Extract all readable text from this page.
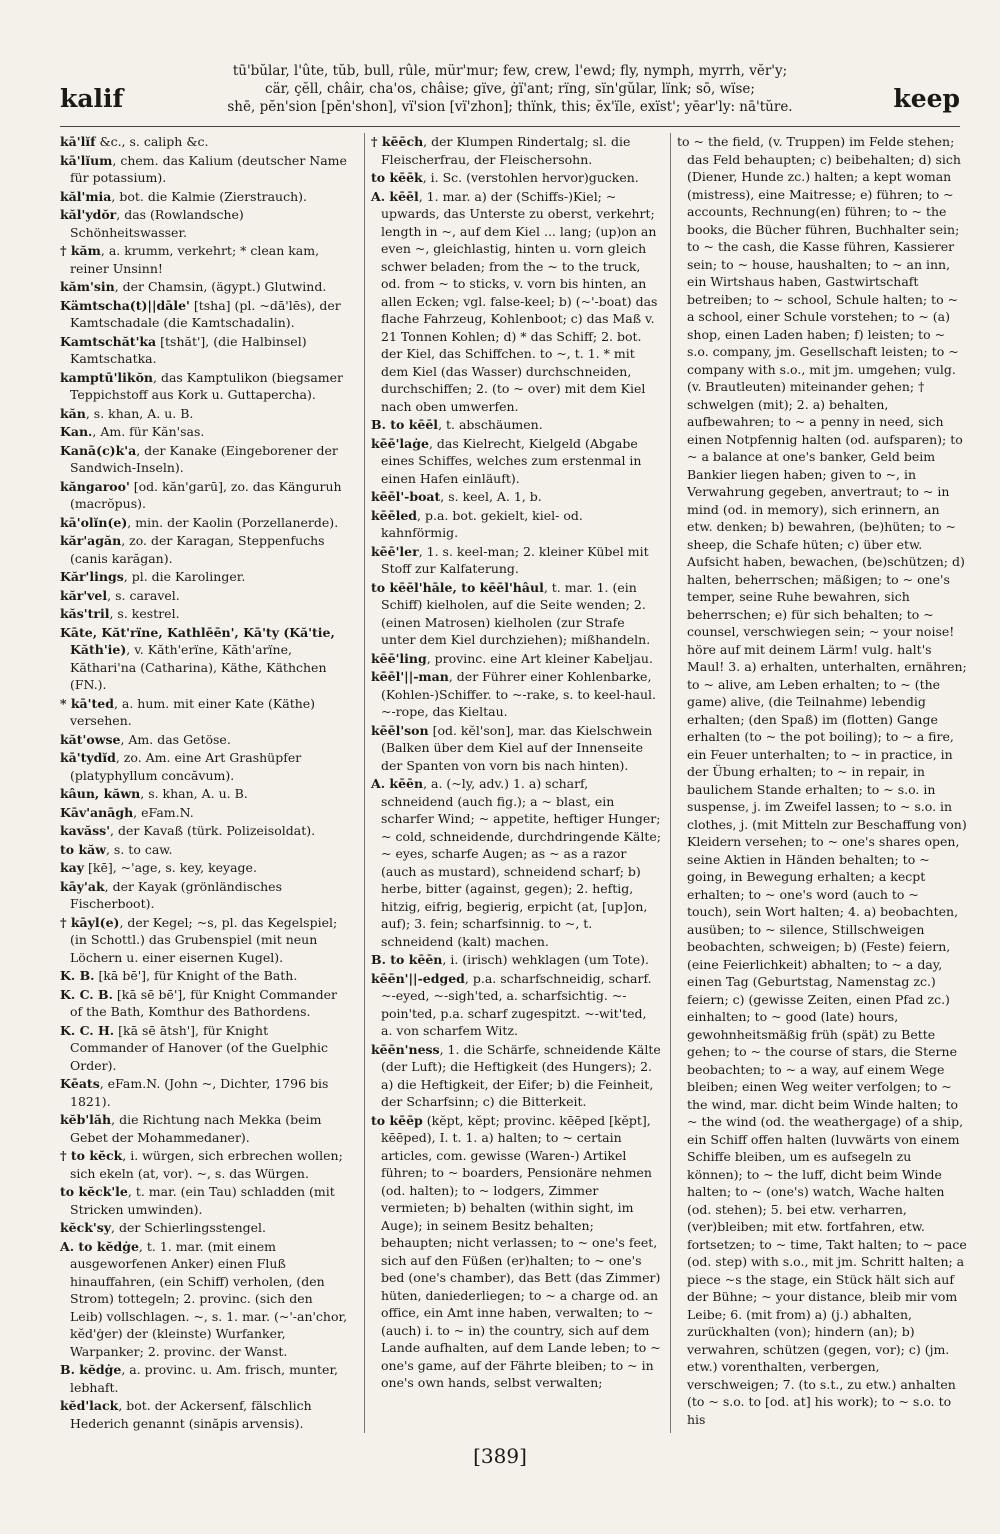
kalif
tū'bŭlar, l'ûte, tŭb, bull, rûle, mür'mur; few, crew, l'ewd; fly, nymph, myrrh, vĕr'y;
cär, çĕll, châir, cha'os, châise; gïve, ġï'ant; rïng, sïn'gŭlar, lïnk; sō, wïse;
shē, pĕn'sion [pĕn'shon], vï'sion [vï'zhon]; thïnk, this; ĕx'ïle, exïst'; yēar'ly: nā'tŭre.	keep
kā'lĭf &c., s. caliph &c.
kā'lĭum, chem. das Kalium (deutscher Name für potassium).
kăl'mia, bot. die Kalmie (Zierstrauch).
kăl'ydŏr, das (Rowlandsche) Schönheitswasser.
† kăm, a. krumm, verkehrt; * clean kam, reiner Unsinn!
kăm'sin, der Chamsin, (ägypt.) Glutwind.
Kämtscha(t)||dāle' [tsha] (pl. ~dā'lēs), der Kamtschadale (die Kamtschadalin).
Kamtschăt'ka [tshăt'], (die Halbinsel) Kamtschatka.
kamptū'likŏn, das Kamptulikon (biegsamer Teppichstoff aus Kork u. Guttapercha).
kăn, s. khan, A. u. B.
Kan., Am. für Kăn'sas.
Kanā(c)k'a, der Kanake (Eingeborener der Sandwich-Inseln).
kăngaroo' [od. kăn'garū], zo. das Känguruh (macrŏpus).
kā'olĭn(e), min. der Kaolin (Porzellanerde).
kăr'agăn, zo. der Karagan, Steppenfuchs (canis karăgan).
Kăr'lings, pl. die Karolinger.
kăr'vel, s. caravel.
kăs'tril, s. kestrel.
Kāte, Kăt'rïne, Kathlēēn', Kā'ty (Kă'tie, Kăth'ie), v. Kăth'erïne, Kăth'arïne, Kăthari'na (Catharina), Käthe, Käthchen (FN.).
* kā'ted, a. hum. mit einer Kate (Käthe) versehen.
kăt'owse, Am. das Getöse.
kā'tydĭd, zo. Am. eine Art Grashüpfer (platyphyllum concăvum).
kâun, kăwn, s. khan, A. u. B.
Kāv'anāgh, eFam.N.
kavăss', der Kavaß (türk. Polizeisoldat).
to kăw, s. to caw.
kay [kē], ~'age, s. key, keyage.
kāy'ak, der Kayak (grönländisches Fischerboot).
† kāyl(e), der Kegel; ~s, pl. das Kegelspiel; (in Schottl.) das Grubenspiel (mit neun Löchern u. einer eisernen Kugel).
K. B. [kā bē'], für Knight of the Bath.
K. C. B. [kā sē bē'], für Knight Commander of the Bath, Komthur des Bathordens.
K. C. H. [kā sē ātsh'], für Knight Commander of Hanover (of the Guelphic Order).
Kēats, eFam.N. (John ~, Dichter, 1796 bis 1821).
kĕb'lăh, die Richtung nach Mekka (beim Gebet der Mohammedaner).
† to kĕck, i. würgen, sich erbrechen wollen; sich ekeln (at, vor). ~, s. das Würgen.
to kĕck'le, t. mar. (ein Tau) schladden (mit Stricken umwinden).
kĕck'sy, der Schierlingsstengel.
A. to kĕdġe, t. 1. mar. (mit einem ausgeworfenen Anker) einen Fluß hinauffahren, (ein Schiff) verholen, (den Strom) tottegeln; 2. provinc. (sich den Leib) vollschlagen. ~, s. 1. mar. (~'-an'chor, kĕd'ġer) der (kleinste) Wurfanker, Warpanker; 2. provinc. der Wanst.
B. kĕdġe, a. provinc. u. Am. frisch, munter, lebhaft.
kĕd'lack, bot. der Ackersenf, fälschlich Hederich genannt (sinăpis arvensis).
† kēēch, der Klumpen Rindertalg; sl. die Fleischerfrau, der Fleischersohn.
to kēēk, i. Sc. (verstohlen hervor)gucken.
A. kēēl, 1. mar. a) der (Schiffs-)Kiel; ~ upwards, das Unterste zu oberst, verkehrt; length in ~, auf dem Kiel ... lang; (up)on an even ~, gleichlastig, hinten u. vorn gleich schwer beladen; from the ~ to the truck, od. from ~ to sticks, v. vorn bis hinten, an allen Ecken; vgl. false-keel; b) (~'-boat) das flache Fahrzeug, Kohlenboot; c) das Maß v. 21 Tonnen Kohlen; d) * das Schiff; 2. bot. der Kiel, das Schiffchen. to ~, t. 1. * mit dem Kiel (das Wasser) durchschneiden, durchschiffen; 2. (to ~ over) mit dem Kiel nach oben umwerfen.
B. to kēēl, t. abschäumen.
kēē'laġe, das Kielrecht, Kielgeld (Abgabe eines Schiffes, welches zum erstenmal in einen Hafen einläuft).
kēēl'-boat, s. keel, A. 1, b.
kēēled, p.a. bot. gekielt, kiel- od. kahnförmig.
kēē'ler, 1. s. keel-man; 2. kleiner Kübel mit Stoff zur Kalfaterung.
to kēēl'hāle, to kēēl'hâul, t. mar. 1. (ein Schiff) kielholen, auf die Seite wenden; 2. (einen Matrosen) kielholen (zur Strafe unter dem Kiel durchziehen); mißhandeln.
kēē'ling, provinc. eine Art kleiner Kabeljau.
kēēl'||-man, der Führer einer Kohlenbarke, (Kohlen-)Schiffer. to ~-rake, s. to keel-haul. ~-rope, das Kieltau.
kēēl'son [od. kĕl'son], mar. das Kielschwein (Balken über dem Kiel auf der Innenseite der Spanten von vorn bis nach hinten).
A. kēēn, a. (~ly, adv.) 1. a) scharf, schneidend (auch fig.); a ~ blast, ein scharfer Wind; ~ appetite, heftiger Hunger; ~ cold, schneidende, durchdringende Kälte; ~ eyes, scharfe Augen; as ~ as a razor (auch as mustard), schneidend scharf; b) herbe, bitter (against, gegen); 2. heftig, hitzig, eifrig, begierig, erpicht (at, [up]on, auf); 3. fein; scharfsinnig. to ~, t. schneidend (kalt) machen.
B. to kēēn, i. (irisch) wehklagen (um Tote).
kēēn'||-edged, p.a. scharfschneidig, scharf. ~-eyed, ~-sigh'ted, a. scharfsichtig. ~-poin'ted, p.a. scharf zugespitzt. ~-wit'ted, a. von scharfem Witz.
kēēn'ness, 1. die Schärfe, schneidende Kälte (der Luft); die Heftigkeit (des Hungers); 2. a) die Heftigkeit, der Eifer; b) die Feinheit, der Scharfsinn; c) die Bitterkeit.
to kēēp (kĕpt, kĕpt; provinc. kēēped [kĕpt], kēēped), I. t. 1. a) halten; to ~ certain articles, com. gewisse (Waren-) Artikel führen; to ~ boarders, Pensionäre nehmen (od. halten); to ~ lodgers, Zimmer vermieten; b) behalten (within sight, im Auge); in seinem Besitz behalten; behaupten; nicht verlassen; to ~ one's feet, sich auf den Füßen (er)halten; to ~ one's bed (one's chamber), das Bett (das Zimmer) hüten, daniederliegen; to ~ a charge od. an office, ein Amt inne haben, verwalten; to ~ (auch) i. to ~ in) the country, sich auf dem Lande aufhalten, auf dem Lande leben; to ~ one's game, auf der Fährte bleiben; to ~ in one's own hands, selbst verwalten;
to ~ the field, (v. Truppen) im Felde stehen; das Feld behaupten; c) beibehalten; d) sich (Diener, Hunde zc.) halten; a kept woman (mistress), eine Maitresse; e) führen; to ~ accounts, Rechnung(en) führen; to ~ the books, die Bücher führen, Buchhalter sein; to ~ the cash, die Kasse führen, Kassierer sein; to ~ house, haushalten; to ~ an inn, ein Wirtshaus haben, Gastwirtschaft betreiben; to ~ school, Schule halten; to ~ a school, einer Schule vorstehen; to ~ (a) shop, einen Laden haben; f) leisten; to ~ s.o. company, jm. Gesellschaft leisten; to ~ company with s.o., mit jm. umgehen; vulg. (v. Brautleuten) miteinander gehen; † schwelgen (mit); 2. a) behalten, aufbewahren; to ~ a penny in need, sich einen Notpfennig halten (od. aufsparen); to ~ a balance at one's banker, Geld beim Bankier liegen haben; given to ~, in Verwahrung gegeben, anvertraut; to ~ in mind (od. in memory), sich erinnern, an etw. denken; b) bewahren, (be)hüten; to ~ sheep, die Schafe hüten; c) über etw. Aufsicht haben, bewachen, (be)schützen; d) halten, beherrschen; mäßigen; to ~ one's temper, seine Ruhe bewahren, sich beherrschen; e) für sich behalten; to ~ counsel, verschwiegen sein; ~ your noise! höre auf mit deinem Lärm! vulg. halt's Maul! 3. a) erhalten, unterhalten, ernähren; to ~ alive, am Leben erhalten; to ~ (the game) alive, (die Teilnahme) lebendig erhalten; (den Spaß) im (flotten) Gange erhalten (to ~ the pot boiling); to ~ a fire, ein Feuer unterhalten; to ~ in practice, in der Übung erhalten; to ~ in repair, in baulichem Stande erhalten; to ~ s.o. in suspense, j. im Zweifel lassen; to ~ s.o. in clothes, j. (mit Mitteln zur Beschaffung von) Kleidern versehen; to ~ one's shares open, seine Aktien in Händen behalten; to ~ going, in Bewegung erhalten; a kecpt erhalten; to ~ one's word (auch to ~ touch), sein Wort halten; 4. a) beobachten, ausüben; to ~ silence, Stillschweigen beobachten, schweigen; b) (Feste) feiern, (eine Feierlichkeit) abhalten; to ~ a day, einen Tag (Geburtstag, Namenstag zc.) feiern; c) (gewisse Zeiten, einen Pfad zc.) einhalten; to ~ good (late) hours, gewohnheitsmäßig früh (spät) zu Bette gehen; to ~ the course of stars, die Sterne beobachten; to ~ a way, auf einem Wege bleiben; einen Weg weiter verfolgen; to ~ the wind, mar. dicht beim Winde halten; to ~ the wind (od. the weathergage) of a ship, ein Schiff offen halten (luvwärts von einem Schiffe bleiben, um es aufsegeln zu können); to ~ the luff, dicht beim Winde halten; to ~ (one's) watch, Wache halten (od. stehen); 5. bei etw. verharren, (ver)bleiben; mit etw. fortfahren, etw. fortsetzen; to ~ time, Takt halten; to ~ pace (od. step) with s.o., mit jm. Schritt halten; a piece ~s the stage, ein Stück hält sich auf der Bühne; ~ your distance, bleib mir vom Leibe; 6. (mit from) a) (j.) abhalten, zurückhalten (von); hindern (an); b) verwahren, schützen (gegen, vor); c) (jm. etw.) vorenthalten, verbergen, verschweigen; 7. (to s.t., zu etw.) anhalten (to ~ s.o. to [od. at] his work); to ~ s.o. to his
[389]
